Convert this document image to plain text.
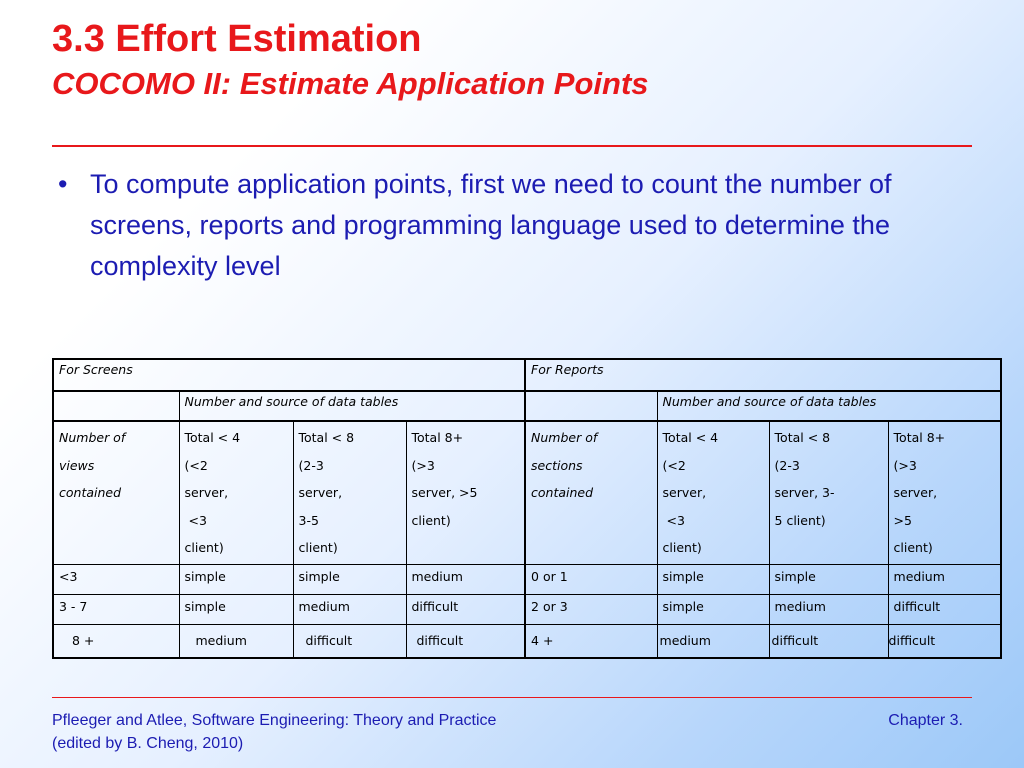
3.3 Effort Estimation
COCOMO II: Estimate Application Points
• To compute application points, first we need to count the number of screens, reports and programming language used to determine the complexity level
For Screens				For Reports			
	Number and source of data tables				Number and source of data tables		

Number of
views
contained	Total < 4
(<2
server,
<3
client)	Total < 8
(2-3
server,
3-5
client)	Total 8+
(>3
server, >5
client)	Number of
sections
contained	Total < 4
(<2
server,
<3
client)	Total < 8
(2-3
server, 3-
5 client)	Total 8+
(>3
server,
>5
client)

<3	simple	simple	medium	0 or 1	simple	simple	medium
3 - 7	simple	medium	difficult	2 or 3	simple	medium	difficult
8 +	medium	difficult	difficult	4 +	medium	difficult	difficult
Pfleeger and Atlee, Software Engineering: Theory and Practice
(edited by B. Cheng, 2010)
Chapter 3.
